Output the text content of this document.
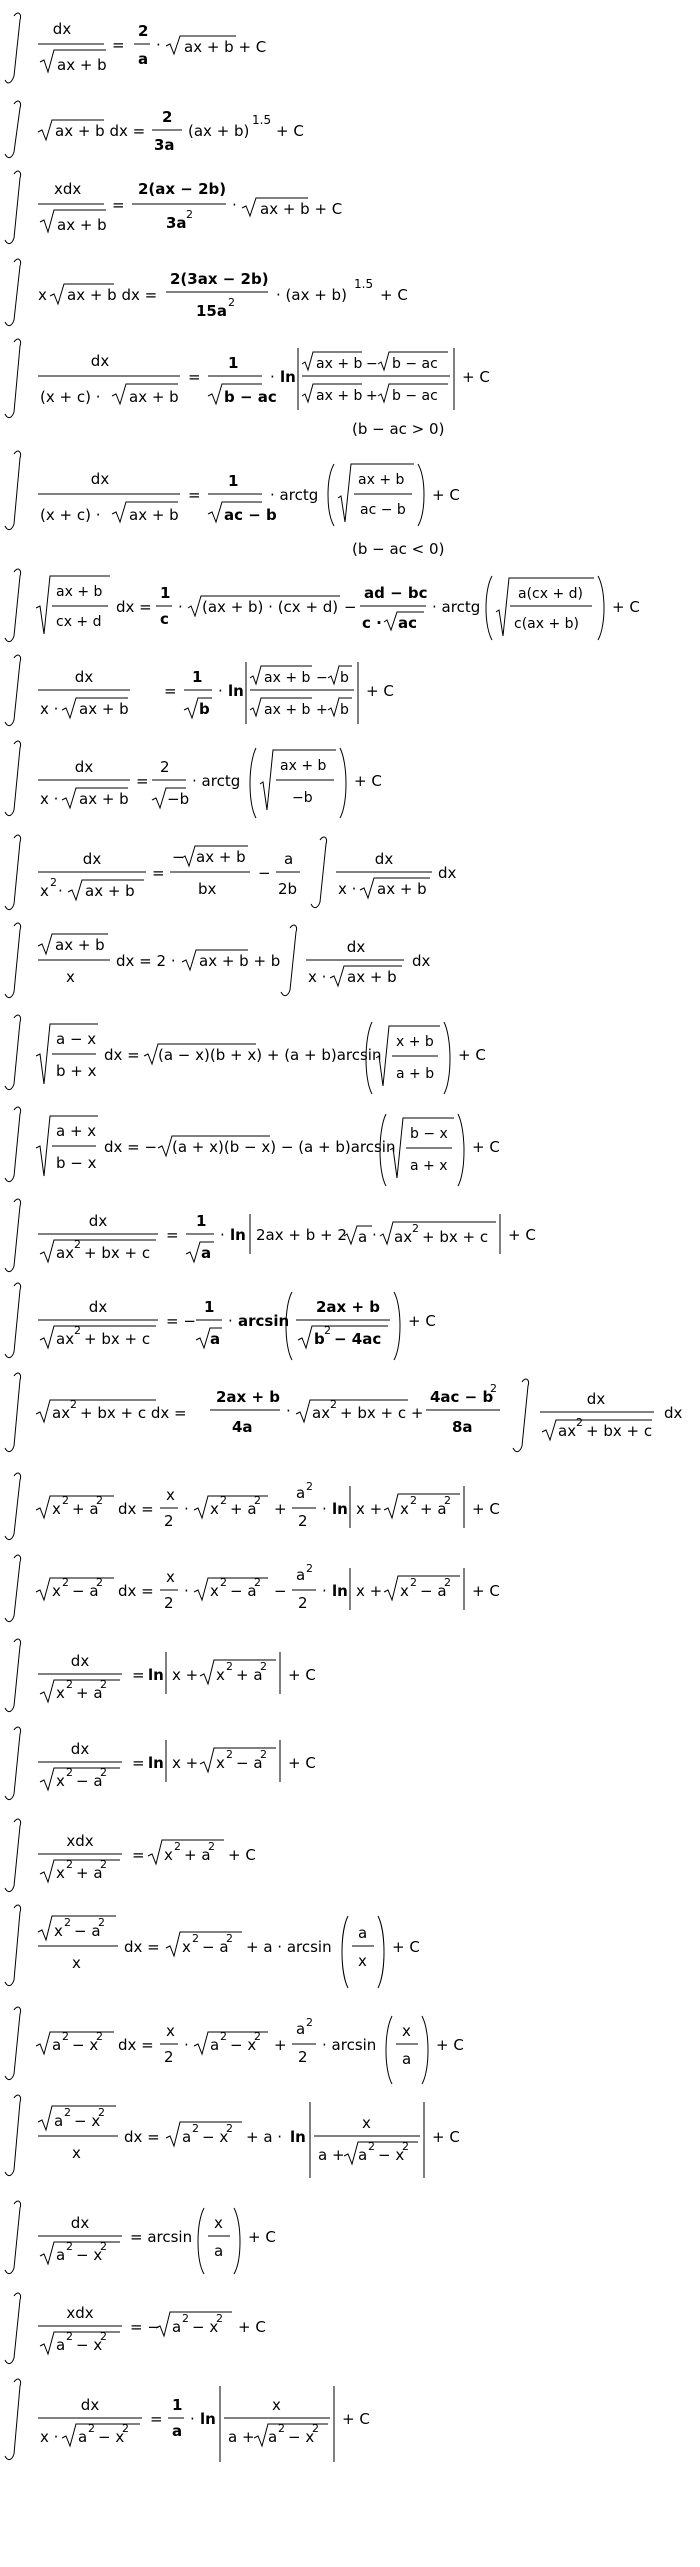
dx
ax + b
=
2
a
· ax + b + C
ax + b dx =
2
3a
(ax + b)
1.5
+ C
xdx
ax + b
=
2(ax − 2b)
3a 2
· ax + b + C
x ax + b dx =
2(3ax − 2b)
15a 2	· (ax + b)
1.5
+ C
dx
(x + c) · ax + b
=
1
b − ac
· ln
ax + b − b − ac
ax + b + b − ac
+ C
(b − ac > 0)
dx
(x + c) · ax + b
=
1
ac − b
· arctg
ax + b
ac − b
+ C
(b − ac < 0)
ax + b
cx + d
dx =
1
c
· (ax + b) · (cx + d) −
ad − bc
c · ac
· arctg
a(cx + d)
c(ax + b)
+ C
dx
x · ax + b
=
1
b
· ln
ax + b − b
ax + b + b
+ C
dx
x · ax + b
=
2
−b
· arctg
ax + b
−b
+ C
dx
x 2 · ax + b
=
− ax + b
bx
−
a
2b
dx
x · ax + b
dx
ax + b
x
dx = 2 · ax + b + b
dx
x · ax + b
dx
a − x
b + x
dx = (a − x)(b + x) + (a + b)arcsin
x + b
a + b
+ C
a + x
b − x
dx = − (a + x)(b − x) − (a + b)arcsin
b − x
a + x
+ C
dx
ax 2 + bx + c
=
1
a
· ln 2ax + b + 2 a · ax 2 + bx + c + C
dx
ax 2 + bx + c
= −
1
a
· arcsin
2ax + b
b 2 − 4ac
+ C
ax 2 + bx + c dx =
2ax + b
4a
· ax 2 + bx + c +
4ac − b
2
8a
dx
ax 2 + bx + c
dx
x 2 + a
2 dx =
x
2
· x 2 + a
2 +
a 2
2
· ln x + x 2 + a
2 + C
x 2 − a
2 dx =
x
2
· x 2 − a
2 −
a 2
2
· ln x + x 2 − a
2 + C
dx
x 2 + a
2
= ln x + x 2 + a
2 + C
dx
x 2 − a
2
= ln x + x 2 − a
2 + C
xdx
x 2 + a
2
= x 2 + a
2 + C
x 2 − a
2
x
dx = x 2 − a
2 + a · arcsin
a
x
+ C
a 2 − x
2 dx =
x
2
· a 2 − x
2 +
a 2
2
· arcsin
x
a
+ C
a 2 − x
2
x
dx = a 2 − x
2 + a · ln
x
a + a 2 − x
2
+ C
dx
a 2 − x
2
= arcsin
x
a
+ C
xdx
a 2 − x
2
= − a 2 − x
2 + C
dx
x · a 2 − x
2
=
1
a
· ln
x
a + a 2 − x
2
+ C
